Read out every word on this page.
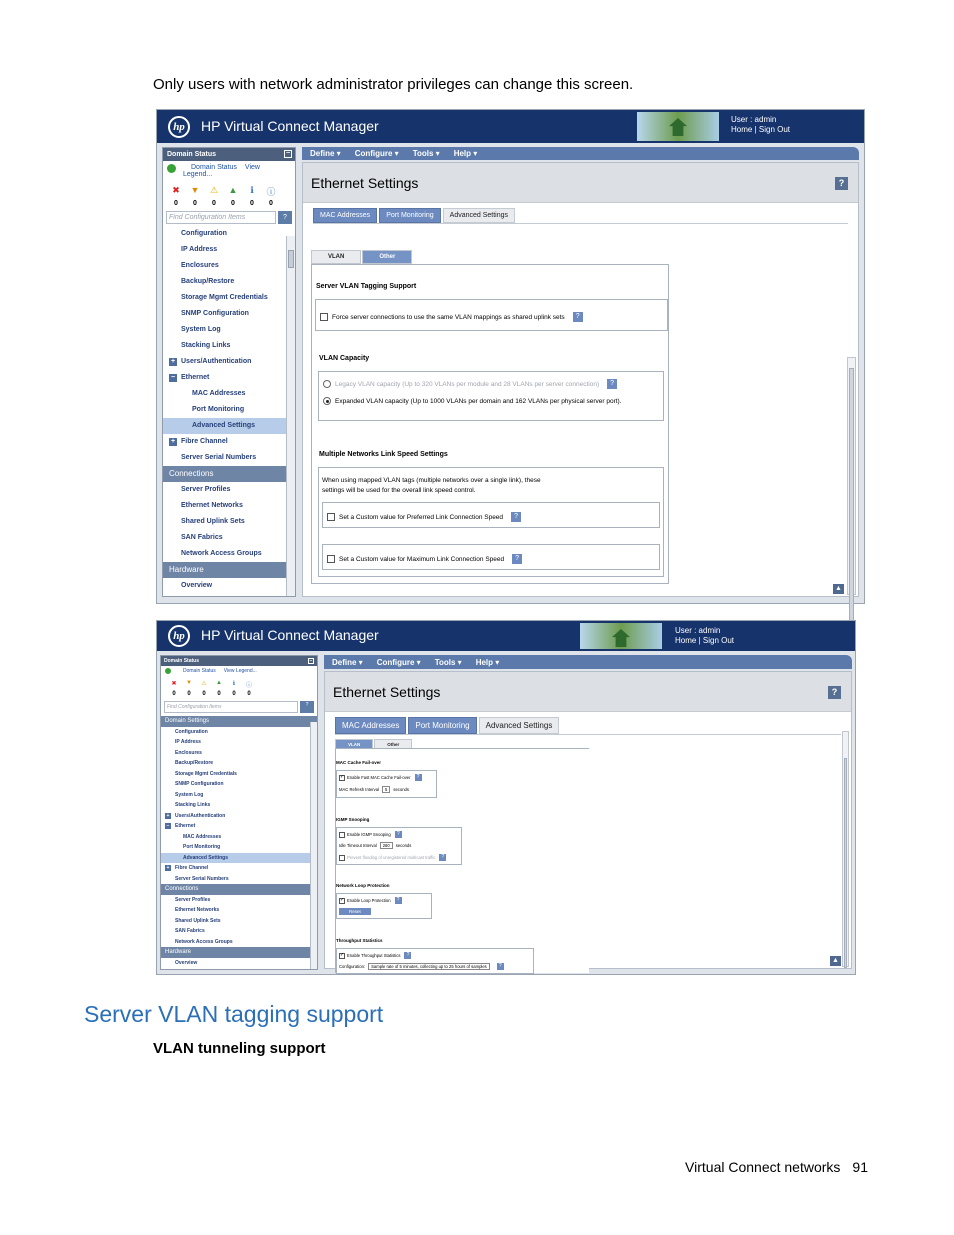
Only users with network administrator privileges can change this screen.
hp	HP Virtual Connect Manager	User : admin
Home | Sign Out
Domain Status	−
Domain Status View Legend...
✖ ▼ ⚠ ▲	ℹ	ⓘ
0	0	0	0	0	0
Find Configuration Items	?
Configuration
IP Address
Enclosures
Backup/Restore
Storage Mgmt Credentials
SNMP Configuration
System Log
Stacking Links
+ Users/Authentication
− Ethernet
MAC Addresses
Port Monitoring
Advanced Settings
+ Fibre Channel
Server Serial Numbers
Connections
Server Profiles
Ethernet Networks
Shared Uplink Sets
SAN Fabrics
Network Access Groups
Hardware
Overview
Define ▾ Configure ▾ Tools ▾ Help ▾
Ethernet Settings	?
MAC Addresses	Port Monitoring	Advanced Settings
VLAN	Other
Server VLAN Tagging Support
Force server connections to use the same VLAN mappings as shared uplink sets	?
VLAN Capacity
Legacy VLAN capacity (Up to 320 VLANs per module and 28 VLANs per server connection)	?
Expanded VLAN capacity (Up to 1000 VLANs per domain and 162 VLANs per physical server port).
Multiple Networks Link Speed Settings
When using mapped VLAN tags (multiple networks over a single link), these
settings will be used for the overall link speed control.
Set a Custom value for Preferred Link Connection Speed	?
Set a Custom value for Maximum Link Connection Speed	?
▲
hp	HP Virtual Connect Manager	User : admin
Home | Sign Out
Domain Status	−
Domain Status View Legend...
✖	▼	⚠	▲	ℹ	ⓘ
0	0	0	0	0	0
Find Configuration Items	?
Domain Settings
Configuration
IP Address
Enclosures
Backup/Restore
Storage Mgmt Credentials
SNMP Configuration
System Log
Stacking Links
+ Users/Authentication
− Ethernet
MAC Addresses
Port Monitoring
Advanced Settings
+ Fibre Channel
Server Serial Numbers
Connections
Server Profiles
Ethernet Networks
Shared Uplink Sets
SAN Fabrics
Network Access Groups
Hardware
Overview
Define ▾ Configure ▾ Tools ▾ Help ▾
Ethernet Settings	?
MAC Addresses	Port Monitoring	Advanced Settings
VLAN	Other
MAC Cache Fail-over
✓
Enable Fast MAC Cache Fail-over	?
MAC Refresh Interval	5	seconds
IGMP Snooping
Enable IGMP Snooping	?
Idle Timeout Interval	260	seconds
Prevent flooding of unregistered multicast traffic	?
Network Loop Protection
✓
Enable Loop Protection	?
Reset
Throughput Statistics
✓
Enable Throughput Statistics	?
Configuration:	Sample rate of 5 minutes, collecting up to 25 hours of samples	?
▲
Server VLAN tagging support
VLAN tunneling support
Virtual Connect networks 91
